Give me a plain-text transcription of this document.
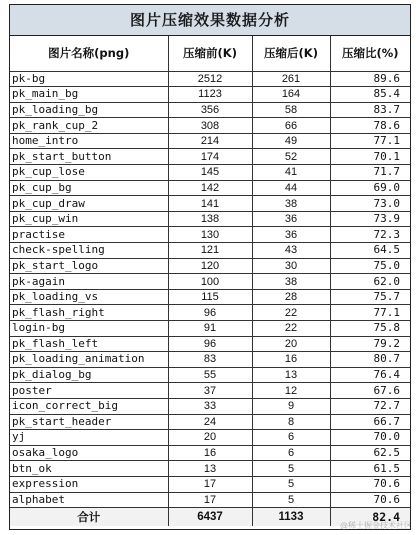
图片压缩效果数据分析
图片名称(png)	压缩前(K)	压缩后(K)	压缩比(%)
pk-bg	2512	261	89.6
pk_main_bg	1123	164	85.4
pk_loading_bg	356	58	83.7
pk_rank_cup_2	308	66	78.6
home_intro	214	49	77.1
pk_start_button	174	52	70.1
pk_cup_lose	145	41	71.7
pk_cup_bg	142	44	69.0
pk_cup_draw	141	38	73.0
pk_cup_win	138	36	73.9
practise	130	36	72.3
check-spelling	121	43	64.5
pk_start_logo	120	30	75.0
pk-again	100	38	62.0
pk_loading_vs	115	28	75.7
pk_flash_right	96	22	77.1
login-bg	91	22	75.8
pk_flash_left	96	20	79.2
pk_loading_animation	83	16	80.7
pk_dialog_bg	55	13	76.4
poster	37	12	67.6
icon_correct_big	33	9	72.7
pk_start_header	24	8	66.7
yj	20	6	70.0
osaka_logo	16	6	62.5
btn_ok	13	5	61.5
expression	17	5	70.6
alphabet	17	5	70.6
合计	6437	1133	82.4
@稀土掘金技术社区
